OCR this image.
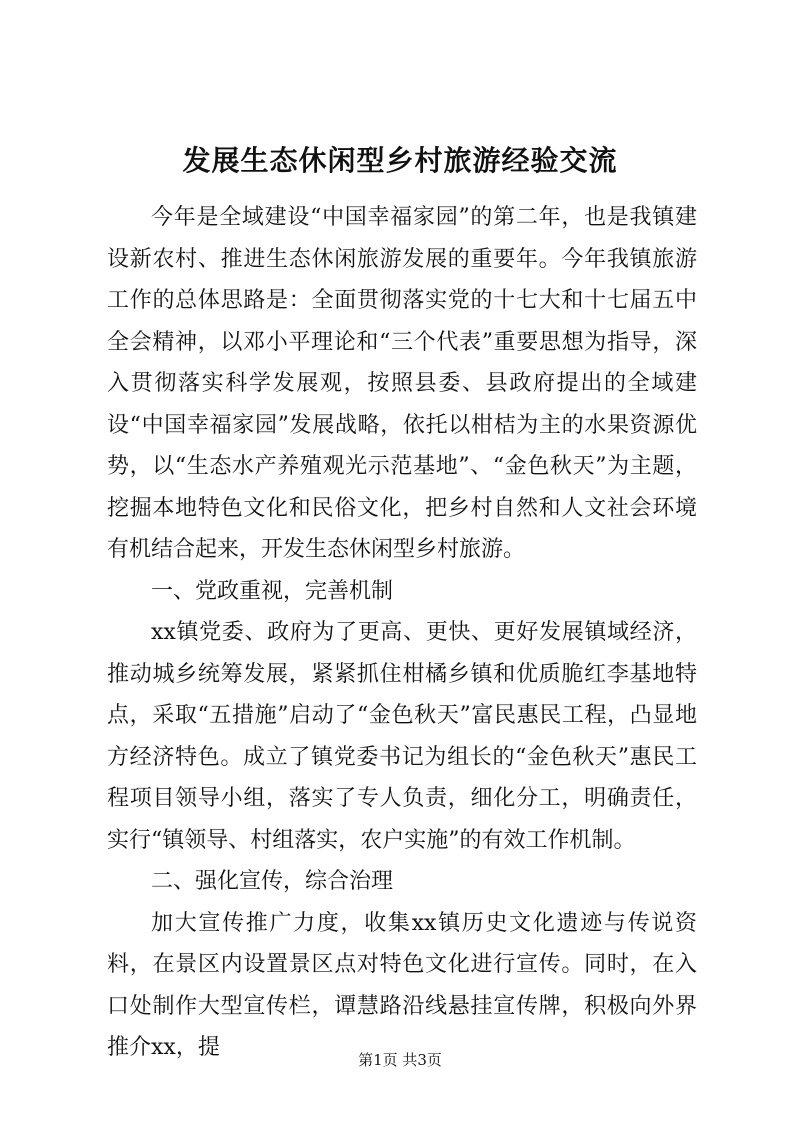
发展生态休闲型乡村旅游经验交流

今年是全域建设“中国幸福家园”的第二年，也是我镇建设新农村、推进生态休闲旅游发展的重要年。今年我镇旅游工作的总体思路是：全面贯彻落实党的十七大和十七届五中全会精神，以邓小平理论和“三个代表”重要思想为指导，深入贯彻落实科学发展观，按照县委、县政府提出的全域建设“中国幸福家园”发展战略，依托以柑桔为主的水果资源优势，以“生态水产养殖观光示范基地”、“金色秋天”为主题，挖掘本地特色文化和民俗文化，把乡村自然和人文社会环境有机结合起来，开发生态休闲型乡村旅游。

一、党政重视，完善机制

xx镇党委、政府为了更高、更快、更好发展镇域经济，推动城乡统筹发展，紧紧抓住柑橘乡镇和优质脆红李基地特点，采取“五措施”启动了“金色秋天”富民惠民工程，凸显地方经济特色。成立了镇党委书记为组长的“金色秋天”惠民工程项目领导小组，落实了专人负责，细化分工，明确责任，实行“镇领导、村组落实，农户实施”的有效工作机制。

二、强化宣传，综合治理

加大宣传推广力度，收集xx镇历史文化遗迹与传说资料，在景区内设置景区点对特色文化进行宣传。同时，在入口处制作大型宣传栏，谭慧路沿线悬挂宣传牌，积极向外界推介xx，提	第1页 共3页
